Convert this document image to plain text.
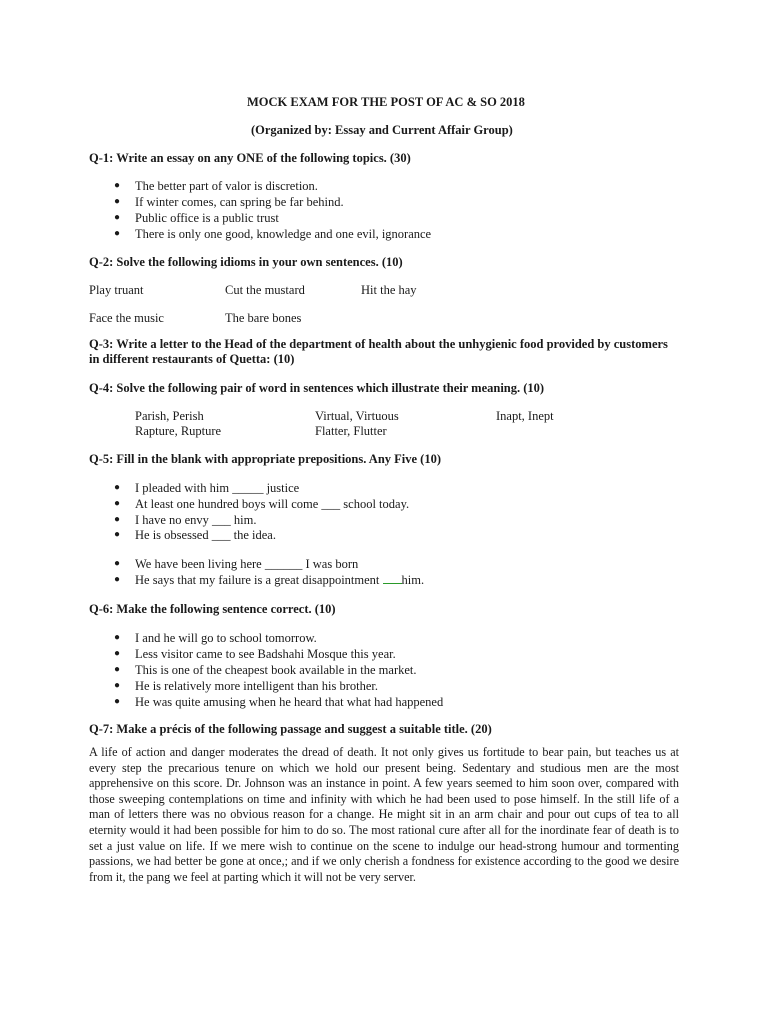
MOCK EXAM FOR THE POST OF AC & SO 2018
(Organized by: Essay and Current Affair Group)
Q-1: Write an essay on any ONE of the following topics. (30)
● The better part of valor is discretion.
● If winter comes, can spring be far behind.
● Public office is a public trust
● There is only one good, knowledge and one evil, ignorance
Q-2: Solve the following idioms in your own sentences. (10)
Play truant	Cut the mustard	Hit the hay
Face the music	The bare bones
Q-3: Write a letter to the Head of the department of health about the unhygienic food provided by customers in different restaurants of Quetta: (10)
Q-4: Solve the following pair of word in sentences which illustrate their meaning. (10)
Parish, Perish	Virtual, Virtuous	Inapt, Inept
Rapture, Rupture	Flatter, Flutter
Q-5: Fill in the blank with appropriate prepositions. Any Five (10)
● I pleaded with him _____ justice
● At least one hundred boys will come ___ school today.
● I have no envy ___ him.
● He is obsessed ___ the idea.
● We have been living here ______ I was born
● He says that my failure is a great disappointment him.
Q-6: Make the following sentence correct. (10)
● I and he will go to school tomorrow.
● Less visitor came to see Badshahi Mosque this year.
● This is one of the cheapest book available in the market.
● He is relatively more intelligent than his brother.
● He was quite amusing when he heard that what had happened
Q-7: Make a précis of the following passage and suggest a suitable title. (20)
A life of action and danger moderates the dread of death. It not only gives us fortitude to bear pain, but teaches us at every step the precarious tenure on which we hold our present being. Sedentary and studious men are the most apprehensive on this score. Dr. Johnson was an instance in point. A few years seemed to him soon over, compared with those sweeping contemplations on time and infinity with which he had been used to pose himself. In the still life of a man of letters there was no obvious reason for a change. He might sit in an arm chair and pour out cups of tea to all eternity would it had been possible for him to do so. The most rational cure after all for the inordinate fear of death is to set a just value on life. If we mere wish to continue on the scene to indulge our head-strong humour and tormenting passions, we had better be gone at once,; and if we only cherish a fondness for existence according to the good we desire from it, the pang we feel at parting which it will not be very server.
